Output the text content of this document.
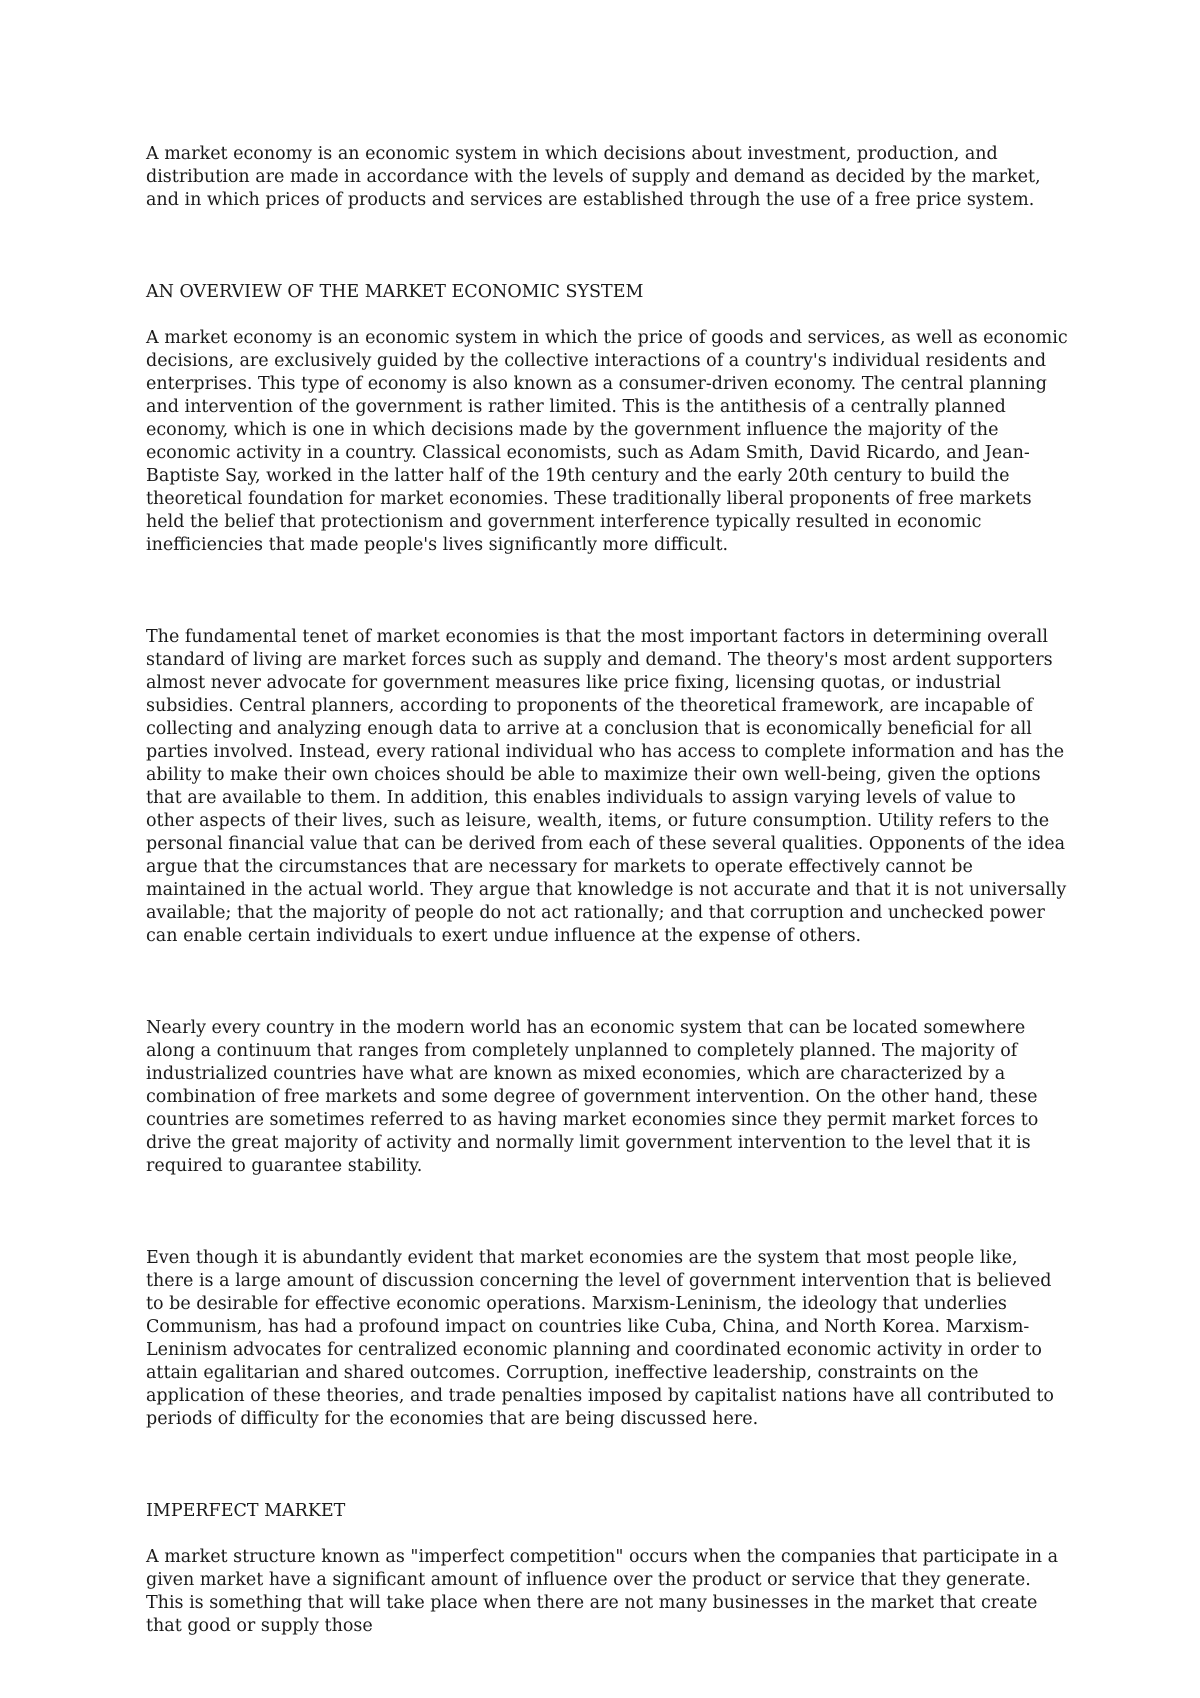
A market economy is an economic system in which decisions about investment, production, and distribution are made in accordance with the levels of supply and demand as decided by the market, and in which prices of products and services are established through the use of a free price system.

AN OVERVIEW OF THE MARKET ECONOMIC SYSTEM

A market economy is an economic system in which the price of goods and services, as well as economic decisions, are exclusively guided by the collective interactions of a country's individual residents and enterprises. This type of economy is also known as a consumer-driven economy. The central planning and intervention of the government is rather limited. This is the antithesis of a centrally planned economy, which is one in which decisions made by the government influence the majority of the economic activity in a country. Classical economists, such as Adam Smith, David Ricardo, and Jean-Baptiste Say, worked in the latter half of the 19th century and the early 20th century to build the theoretical foundation for market economies. These traditionally liberal proponents of free markets held the belief that protectionism and government interference typically resulted in economic inefficiencies that made people's lives significantly more difficult.

The fundamental tenet of market economies is that the most important factors in determining overall standard of living are market forces such as supply and demand. The theory's most ardent supporters almost never advocate for government measures like price fixing, licensing quotas, or industrial subsidies. Central planners, according to proponents of the theoretical framework, are incapable of collecting and analyzing enough data to arrive at a conclusion that is economically beneficial for all parties involved. Instead, every rational individual who has access to complete information and has the ability to make their own choices should be able to maximize their own well-being, given the options that are available to them. In addition, this enables individuals to assign varying levels of value to other aspects of their lives, such as leisure, wealth, items, or future consumption. Utility refers to the personal financial value that can be derived from each of these several qualities. Opponents of the idea argue that the circumstances that are necessary for markets to operate effectively cannot be maintained in the actual world. They argue that knowledge is not accurate and that it is not universally available; that the majority of people do not act rationally; and that corruption and unchecked power can enable certain individuals to exert undue influence at the expense of others.

Nearly every country in the modern world has an economic system that can be located somewhere along a continuum that ranges from completely unplanned to completely planned. The majority of industrialized countries have what are known as mixed economies, which are characterized by a combination of free markets and some degree of government intervention. On the other hand, these countries are sometimes referred to as having market economies since they permit market forces to drive the great majority of activity and normally limit government intervention to the level that it is required to guarantee stability.

Even though it is abundantly evident that market economies are the system that most people like, there is a large amount of discussion concerning the level of government intervention that is believed to be desirable for effective economic operations. Marxism-Leninism, the ideology that underlies Communism, has had a profound impact on countries like Cuba, China, and North Korea. Marxism-Leninism advocates for centralized economic planning and coordinated economic activity in order to attain egalitarian and shared outcomes. Corruption, ineffective leadership, constraints on the application of these theories, and trade penalties imposed by capitalist nations have all contributed to periods of difficulty for the economies that are being discussed here.

IMPERFECT MARKET

A market structure known as "imperfect competition" occurs when the companies that participate in a given market have a significant amount of influence over the product or service that they generate. This is something that will take place when there are not many businesses in the market that create that good or supply those
